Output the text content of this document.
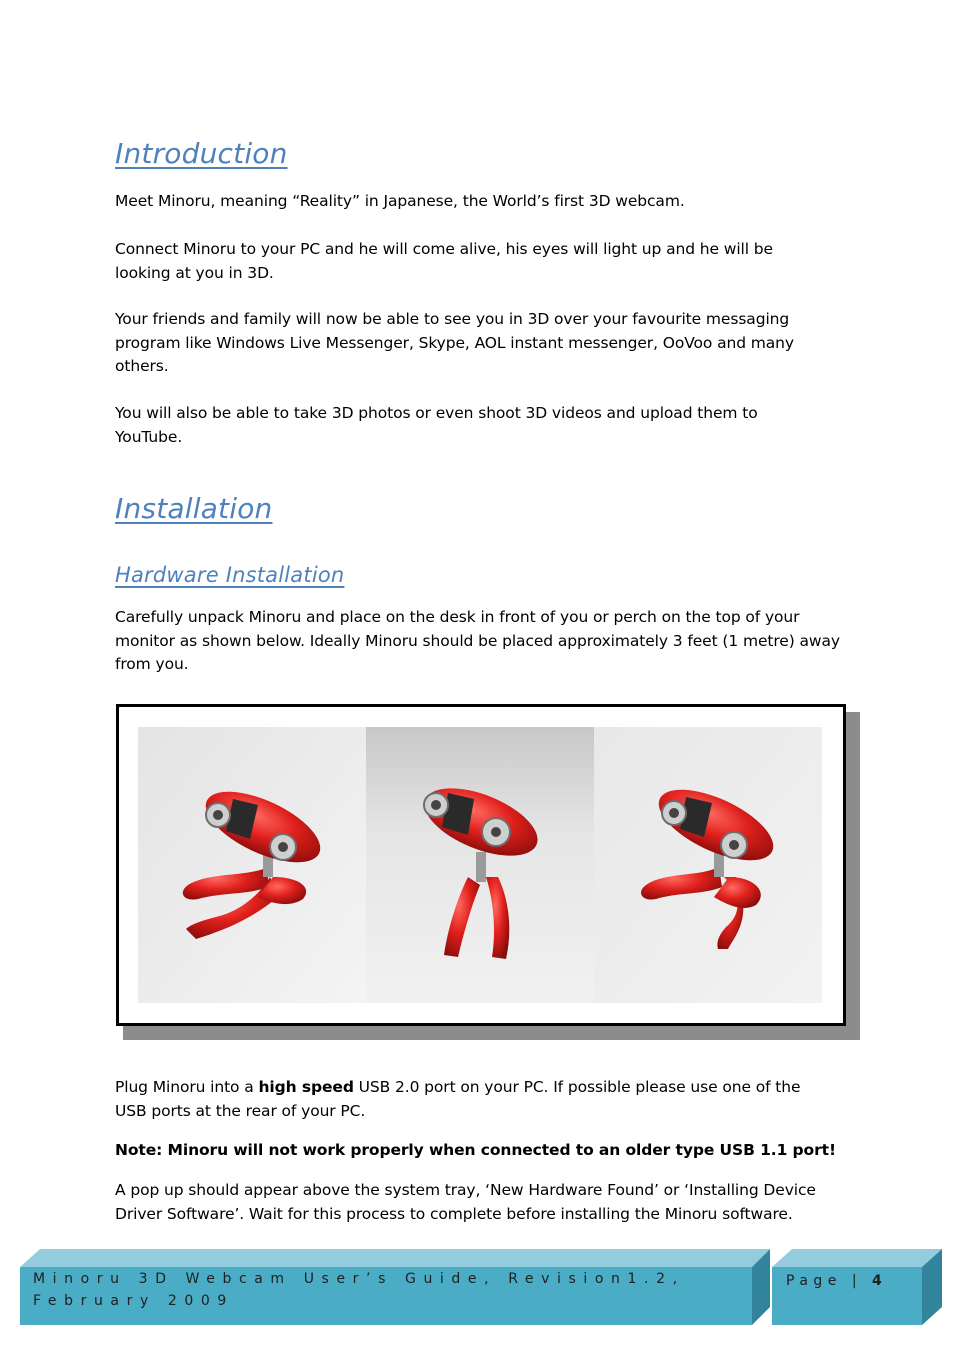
Introduction

Meet Minoru, meaning “Reality” in Japanese, the World’s first 3D webcam.

Connect Minoru to your PC and he will come alive, his eyes will light up and he will be looking at you in 3D.

Your friends and family will now be able to see you in 3D over your favourite messaging program like Windows Live Messenger, Skype, AOL instant messenger, OoVoo and many others.

You will also be able to take 3D photos or even shoot 3D videos and upload them to YouTube.

Installation
Hardware Installation

Carefully unpack Minoru and place on the desk in front of you or perch on the top of your monitor as shown below. Ideally Minoru should be placed approximately 3 feet (1 metre) away from you.

Plug Minoru into a high speed USB 2.0 port on your PC. If possible please use one of the USB ports at the rear of your PC.

Note: Minoru will not work properly when connected to an older type USB 1.1 port!

A pop up should appear above the system tray, ‘New Hardware Found’ or ‘Installing Device Driver Software’. Wait for this process to complete before installing the Minoru software.

Minoru 3D Webcam User’s Guide, Revision1.2, February 2009
Page | 4
